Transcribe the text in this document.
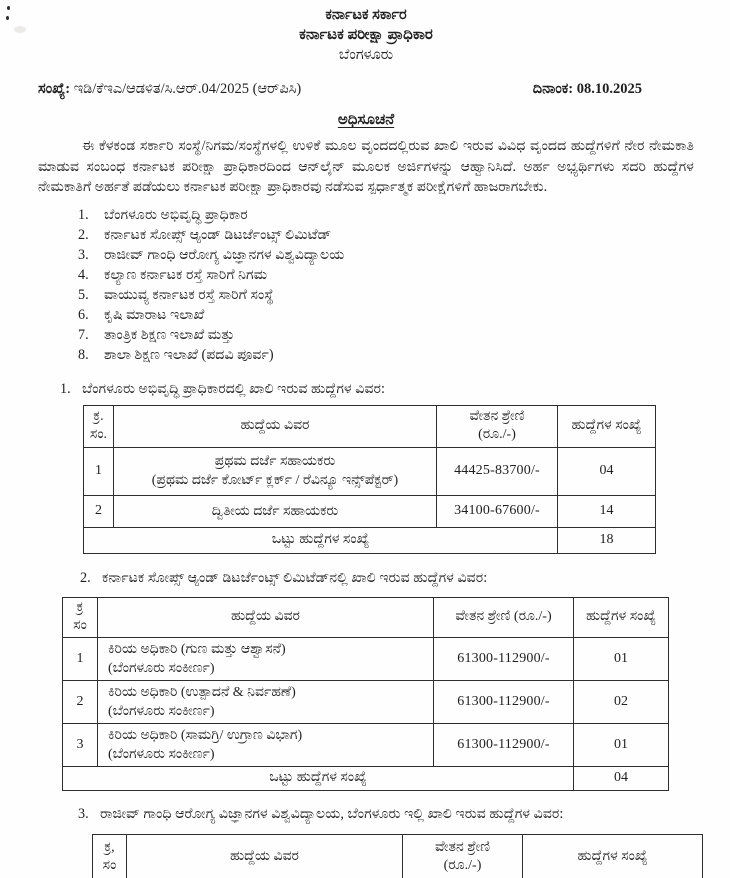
ಕರ್ನಾಟಕ ಸರ್ಕಾರ
ಕರ್ನಾಟಕ ಪರೀಕ್ಷಾ ಪ್ರಾಧಿಕಾರ
ಬೆಂಗಳೂರು
ಸಂಖ್ಯೆ: ಇಡಿ/ಕೆಇಎ/ಆಡಳಿತ/ಸಿ.ಆರ್.04/2025 (ಆರ್‌ಪಿಸಿ)	ದಿನಾಂಕ: 08.10.2025
ಅಧಿಸೂಚನೆ

ಈ ಕೆಳಕಂಡ ಸರ್ಕಾರಿ ಸಂಸ್ಥೆ/ನಿಗಮ/ಸಂಸ್ಥೆಗಳಲ್ಲಿ ಉಳಿಕೆ ಮೂಲ ವೃಂದದಲ್ಲಿರುವ ಖಾಲಿ ಇರುವ ವಿವಿಧ ವೃಂದದ ಹುದ್ದೆಗಳಿಗೆ ನೇರ ನೇಮಕಾತಿ ಮಾಡುವ ಸಂಬಂಧ ಕರ್ನಾಟಕ ಪರೀಕ್ಷಾ ಪ್ರಾಧಿಕಾರದಿಂದ ಆನ್‌ಲೈನ್ ಮೂಲಕ ಅರ್ಜಿಗಳನ್ನು ಆಹ್ವಾನಿಸಿದೆ. ಅರ್ಹ ಅಭ್ಯರ್ಥಿಗಳು ಸದರಿ ಹುದ್ದೆಗಳ ನೇಮಕಾತಿಗೆ ಅರ್ಹತೆ ಪಡೆಯಲು ಕರ್ನಾಟಕ ಪರೀಕ್ಷಾ ಪ್ರಾಧಿಕಾರವು ನಡೆಸುವ ಸ್ಪರ್ಧಾತ್ಮಕ ಪರೀಕ್ಷೆಗಳಿಗೆ ಹಾಜರಾಗಬೇಕು.

1.	ಬೆಂಗಳೂರು ಅಭಿವೃದ್ಧಿ ಪ್ರಾಧಿಕಾರ
2.	ಕರ್ನಾಟಕ ಸೋಪ್ಸ್ ಆ್ಯಂಡ್ ಡಿಟರ್ಜೆಂಟ್ಸ್ ಲಿಮಿಟೆಡ್
3.	ರಾಜೀವ್ ಗಾಂಧಿ ಆರೋಗ್ಯ ವಿಜ್ಞಾನಗಳ ವಿಶ್ವವಿದ್ಯಾಲಯ
4.	ಕಲ್ಯಾಣ ಕರ್ನಾಟಕ ರಸ್ತೆ ಸಾರಿಗೆ ನಿಗಮ
5.	ವಾಯುವ್ಯ ಕರ್ನಾಟಕ ರಸ್ತೆ ಸಾರಿಗೆ ಸಂಸ್ಥೆ
6.	ಕೃಷಿ ಮಾರಾಟ ಇಲಾಖೆ
7.	ತಾಂತ್ರಿಕ ಶಿಕ್ಷಣ ಇಲಾಖೆ ಮತ್ತು
8.	ಶಾಲಾ ಶಿಕ್ಷಣ ಇಲಾಖೆ (ಪದವಿ ಪೂರ್ವ)
1. ಬೆಂಗಳೂರು ಅಭಿವೃದ್ಧಿ ಪ್ರಾಧಿಕಾರದಲ್ಲಿ ಖಾಲಿ ಇರುವ ಹುದ್ದೆಗಳ ವಿವರ:
ಕ್ರ.
ಸಂ.
	ಹುದ್ದೆಯ ವಿವರ	
ವೇತನ ಶ್ರೇಣಿ
(ರೂ./-)
	ಹುದ್ದೆಗಳ ಸಂಖ್ಯೆ
1	ಪ್ರಥಮ ದರ್ಜೆ ಸಹಾಯಕರು
(ಪ್ರಥಮ ದರ್ಜೆ ಕೋರ್ಟ್ ಕ್ಲರ್ಕ್ / ರೆವಿನ್ಯೂ ಇನ್ಸ್‌ಪೆಕ್ಟರ್)	44425-83700/-	04
2	ದ್ವಿತೀಯ ದರ್ಜೆ ಸಹಾಯಕರು	34100-67600/-	14
ಒಟ್ಟು ಹುದ್ದೆಗಳ ಸಂಖ್ಯೆ			18
2. ಕರ್ನಾಟಕ ಸೋಪ್ಸ್ ಆ್ಯಂಡ್ ಡಿಟರ್ಜೆಂಟ್ಸ್ ಲಿಮಿಟೆಡ್‌ನಲ್ಲಿ ಖಾಲಿ ಇರುವ ಹುದ್ದೆಗಳ ವಿವರ:
ಕ್ರ
ಸಂ	ಹುದ್ದೆಯ ವಿವರ	ವೇತನ ಶ್ರೇಣಿ (ರೂ./-)	ಹುದ್ದೆಗಳ ಸಂಖ್ಯೆ
1	ಕಿರಿಯ ಅಧಿಕಾರಿ (ಗುಣ ಮತ್ತು ಆಶ್ವಾಸನೆ)
(ಬೆಂಗಳೂರು ಸಂಕೀರ್ಣ)	61300-112900/-	01
2	ಕಿರಿಯ ಅಧಿಕಾರಿ (ಉತ್ಪಾದನೆ & ನಿರ್ವಹಣೆ)
(ಬೆಂಗಳೂರು ಸಂಕೀರ್ಣ)	61300-112900/-	02
3	ಕಿರಿಯ ಅಧಿಕಾರಿ (ಸಾಮಗ್ರಿ/ ಉಗ್ರಾಣ ವಿಭಾಗ)
(ಬೆಂಗಳೂರು ಸಂಕೀರ್ಣ)	61300-112900/-	01
ಒಟ್ಟು ಹುದ್ದೆಗಳ ಸಂಖ್ಯೆ			04
3. ರಾಜೀವ್ ಗಾಂಧಿ ಆರೋಗ್ಯ ವಿಜ್ಞಾನಗಳ ವಿಶ್ವವಿದ್ಯಾಲಯ, ಬೆಂಗಳೂರು ಇಲ್ಲಿ ಖಾಲಿ ಇರುವ ಹುದ್ದೆಗಳ ವಿವರ:
ಕ್ರ,
ಸಂ
	ಹುದ್ದೆಯ ವಿವರ	
ವೇತನ ಶ್ರೇಣಿ
(ರೂ./-)
	ಹುದ್ದೆಗಳ ಸಂಖ್ಯೆ
